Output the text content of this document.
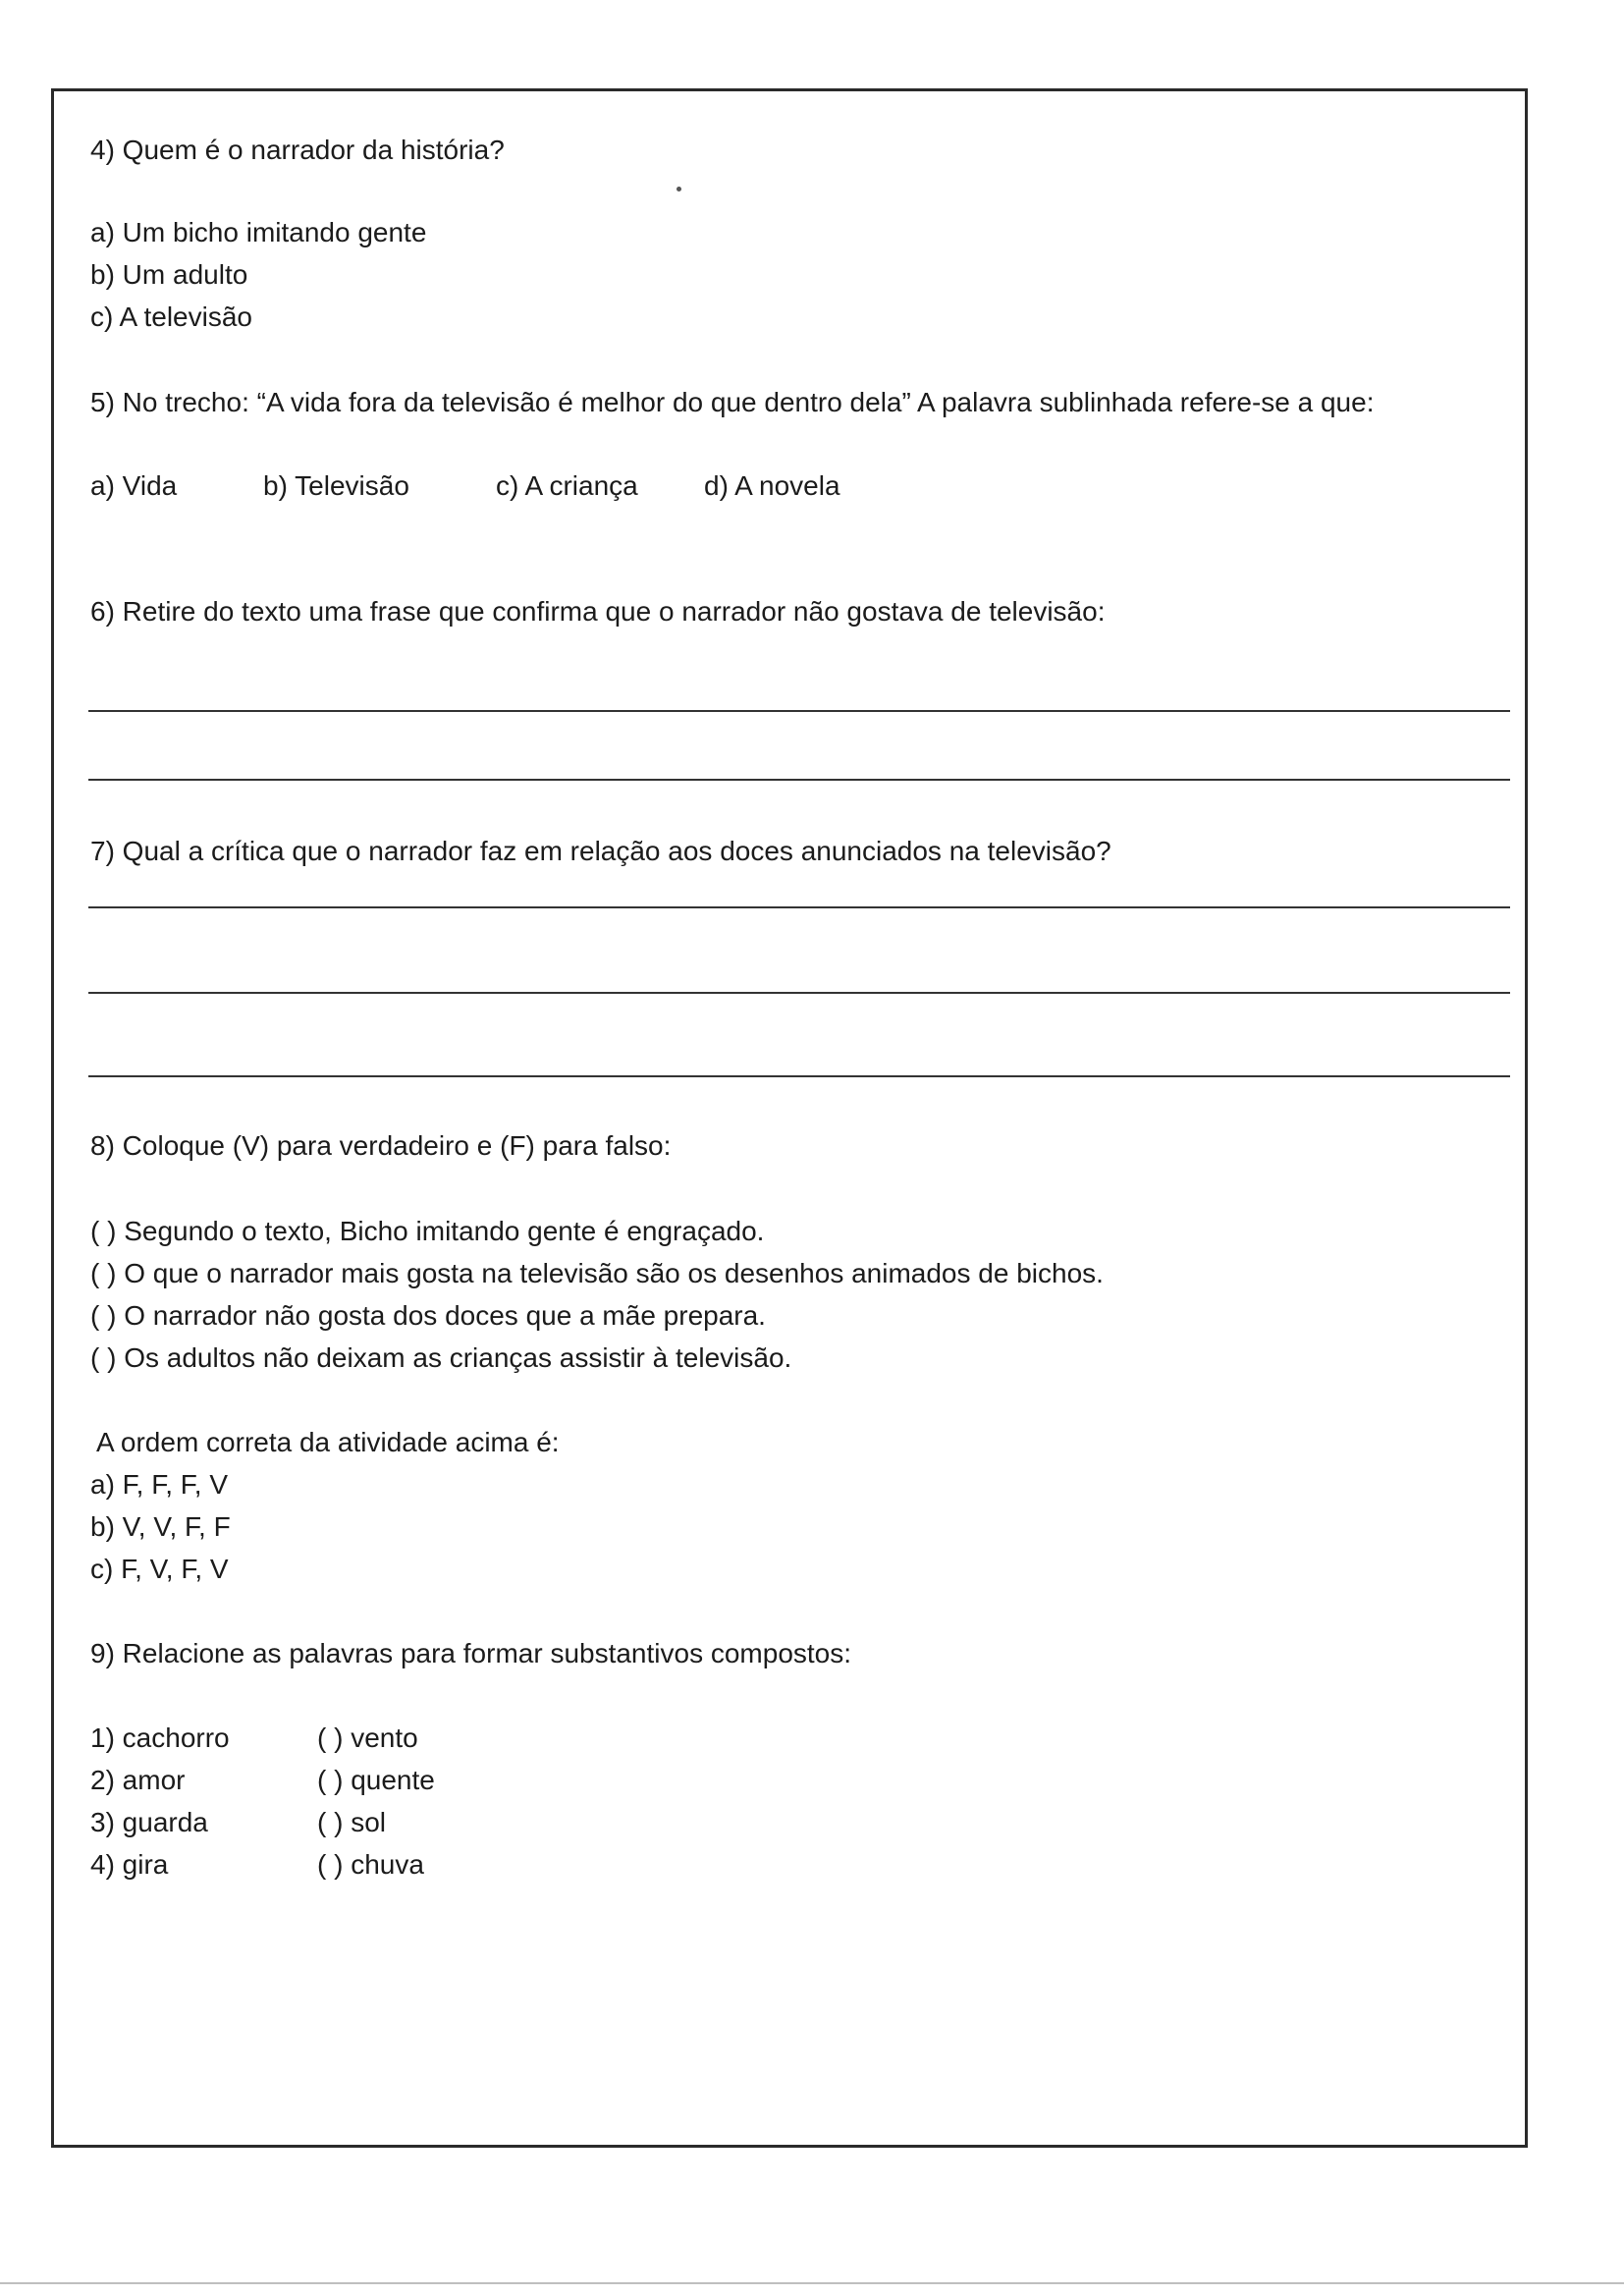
4) Quem é o narrador da história?
a) Um bicho imitando gente
b) Um adulto
c) A televisão
5) No trecho: “A vida fora da televisão é melhor do que dentro dela” A palavra sublinhada refere-se a que:
a) Vida	b) Televisão	c) A criança d) A novela
6) Retire do texto uma frase que confirma que o narrador não gostava de televisão:
7) Qual a crítica que o narrador faz em relação aos doces anunciados na televisão?
8) Coloque (V) para verdadeiro e (F) para falso:
( ) Segundo o texto, Bicho imitando gente é engraçado.
( ) O que o narrador mais gosta na televisão são os desenhos animados de bichos.
( ) O narrador não gosta dos doces que a mãe prepara.
( ) Os adultos não deixam as crianças assistir à televisão.
A ordem correta da atividade acima é:
a) F, F, F, V
b) V, V, F, F
c) F, V, F, V
9) Relacione as palavras para formar substantivos compostos:
1) cachorro
2) amor
3) guarda
4) gira
( ) vento
( ) quente
( ) sol
( ) chuva
